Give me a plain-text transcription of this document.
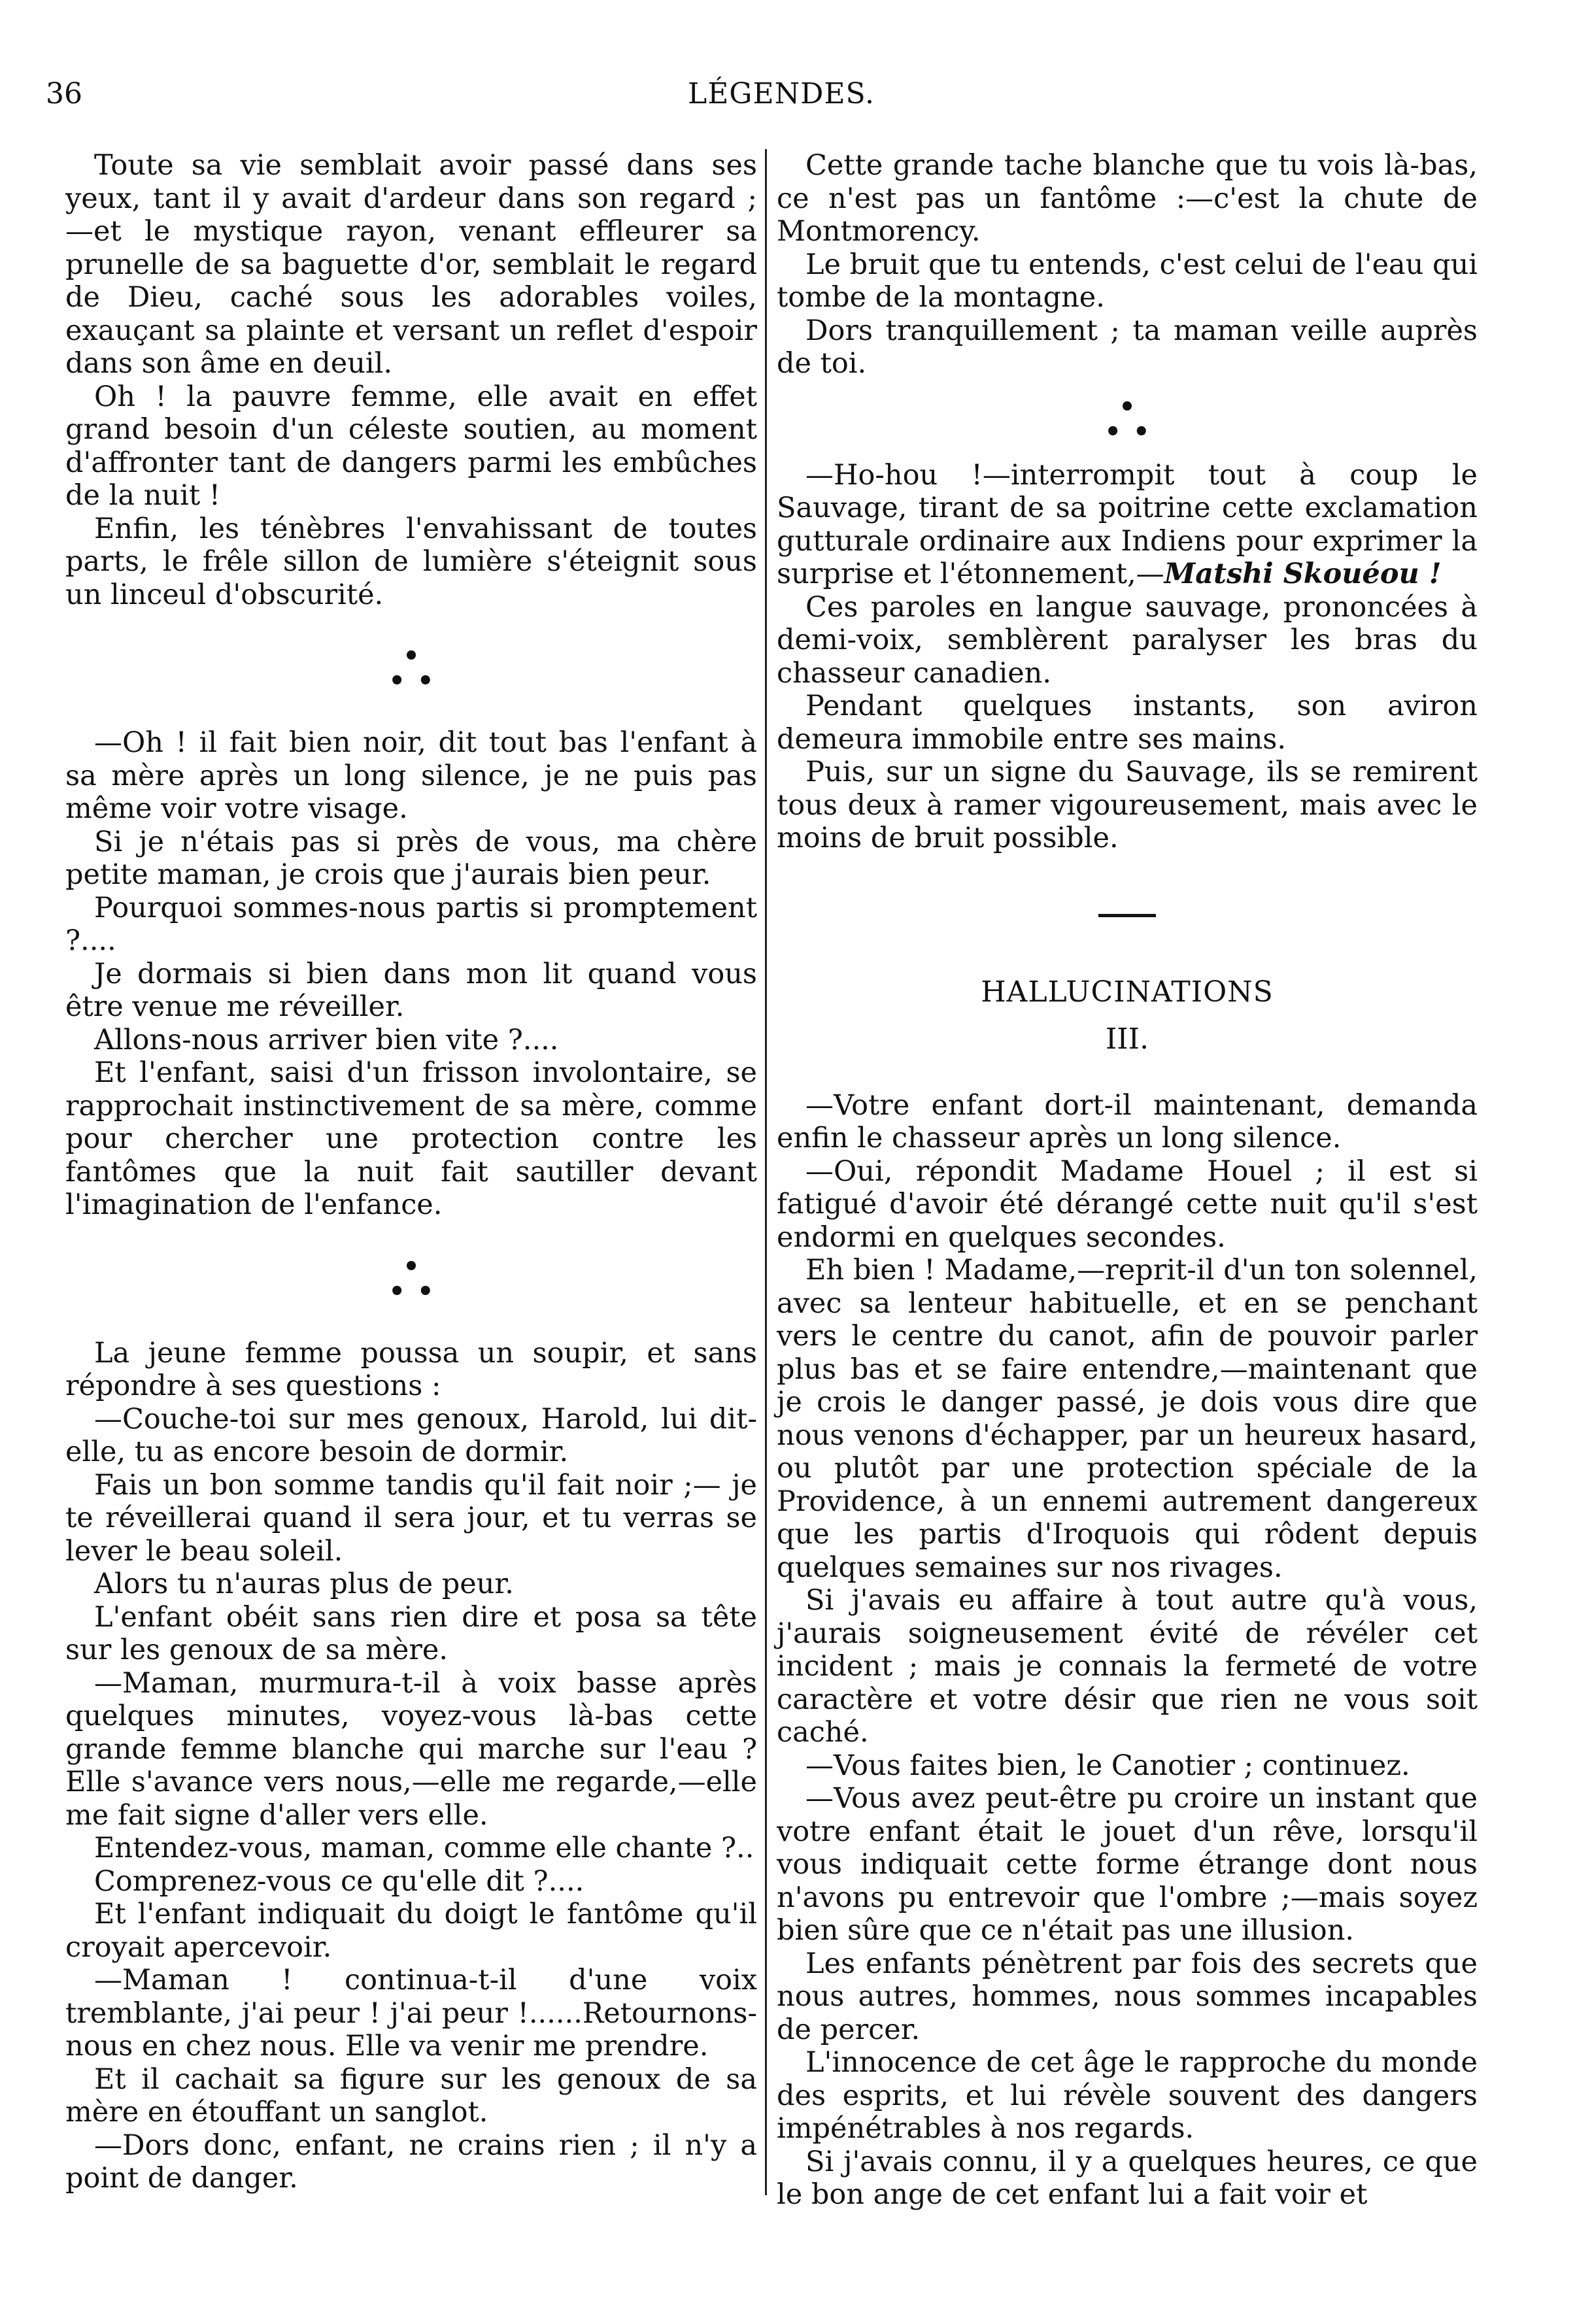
36	LÉGENDES.

Toute sa vie semblait avoir passé dans ses yeux, tant il y avait d'ardeur dans son regard ; —et le mystique rayon, venant effleurer sa prunelle de sa baguette d'or, semblait le regard de Dieu, caché sous les adorables voiles, exauçant sa plainte et versant un reflet d'espoir dans son âme en deuil.

Oh ! la pauvre femme, elle avait en effet grand besoin d'un céleste soutien, au moment d'affronter tant de dangers parmi les embûches de la nuit !

Enfin, les ténèbres l'envahissant de toutes parts, le frêle sillon de lumière s'éteignit sous un linceul d'obscurité.

•
••

—Oh ! il fait bien noir, dit tout bas l'enfant à sa mère après un long silence, je ne puis pas même voir votre visage.

Si je n'étais pas si près de vous, ma chère petite maman, je crois que j'aurais bien peur.

Pourquoi sommes-nous partis si promptement ?....

Je dormais si bien dans mon lit quand vous être venue me réveiller.

Allons-nous arriver bien vite ?....

Et l'enfant, saisi d'un frisson involontaire, se rapprochait instinctivement de sa mère, comme pour chercher une protection contre les fantômes que la nuit fait sautiller devant l'imagination de l'enfance.

•
••

La jeune femme poussa un soupir, et sans répondre à ses questions :

—Couche-toi sur mes genoux, Harold, lui dit-elle, tu as encore besoin de dormir.

Fais un bon somme tandis qu'il fait noir ;— je te réveillerai quand il sera jour, et tu verras se lever le beau soleil.

Alors tu n'auras plus de peur.

L'enfant obéit sans rien dire et posa sa tête sur les genoux de sa mère.

—Maman, murmura-t-il à voix basse après quelques minutes, voyez-vous là-bas cette grande femme blanche qui marche sur l'eau ? Elle s'avance vers nous,—elle me regarde,—elle me fait signe d'aller vers elle.

Entendez-vous, maman, comme elle chante ?..

Comprenez-vous ce qu'elle dit ?....

Et l'enfant indiquait du doigt le fantôme qu'il croyait apercevoir.

—Maman ! continua-t-il d'une voix tremblante, j'ai peur ! j'ai peur !......Retournons-nous en chez nous. Elle va venir me prendre.

Et il cachait sa figure sur les genoux de sa mère en étouffant un sanglot.

—Dors donc, enfant, ne crains rien ; il n'y a point de danger.

Cette grande tache blanche que tu vois là-bas, ce n'est pas un fantôme :—c'est la chute de Montmorency.

Le bruit que tu entends, c'est celui de l'eau qui tombe de la montagne.

Dors tranquillement ; ta maman veille auprès de toi.

•
••

—Ho-hou !—interrompit tout à coup le Sauvage, tirant de sa poitrine cette exclamation gutturale ordinaire aux Indiens pour exprimer la surprise et l'étonnement,—Matshi Skouéou !

Ces paroles en langue sauvage, prononcées à demi-voix, semblèrent paralyser les bras du chasseur canadien.

Pendant quelques instants, son aviron demeura immobile entre ses mains.

Puis, sur un signe du Sauvage, ils se remirent tous deux à ramer vigoureusement, mais avec le moins de bruit possible.

HALLUCINATIONS
III.

—Votre enfant dort-il maintenant, demanda enfin le chasseur après un long silence.

—Oui, répondit Madame Houel ; il est si fatigué d'avoir été dérangé cette nuit qu'il s'est endormi en quelques secondes.

Eh bien ! Madame,—reprit-il d'un ton solennel, avec sa lenteur habituelle, et en se penchant vers le centre du canot, afin de pouvoir parler plus bas et se faire entendre,—maintenant que je crois le danger passé, je dois vous dire que nous venons d'échapper, par un heureux hasard, ou plutôt par une protection spéciale de la Providence, à un ennemi autrement dangereux que les partis d'Iroquois qui rôdent depuis quelques semaines sur nos rivages.

Si j'avais eu affaire à tout autre qu'à vous, j'aurais soigneusement évité de révéler cet incident ; mais je connais la fermeté de votre caractère et votre désir que rien ne vous soit caché.

—Vous faites bien, le Canotier ; continuez.

—Vous avez peut-être pu croire un instant que votre enfant était le jouet d'un rêve, lorsqu'il vous indiquait cette forme étrange dont nous n'avons pu entrevoir que l'ombre ;—mais soyez bien sûre que ce n'était pas une illusion.

Les enfants pénètrent par fois des secrets que nous autres, hommes, nous sommes incapables de percer.

L'innocence de cet âge le rapproche du monde des esprits, et lui révèle souvent des dangers impénétrables à nos regards.

Si j'avais connu, il y a quelques heures, ce que le bon ange de cet enfant lui a fait voir et
